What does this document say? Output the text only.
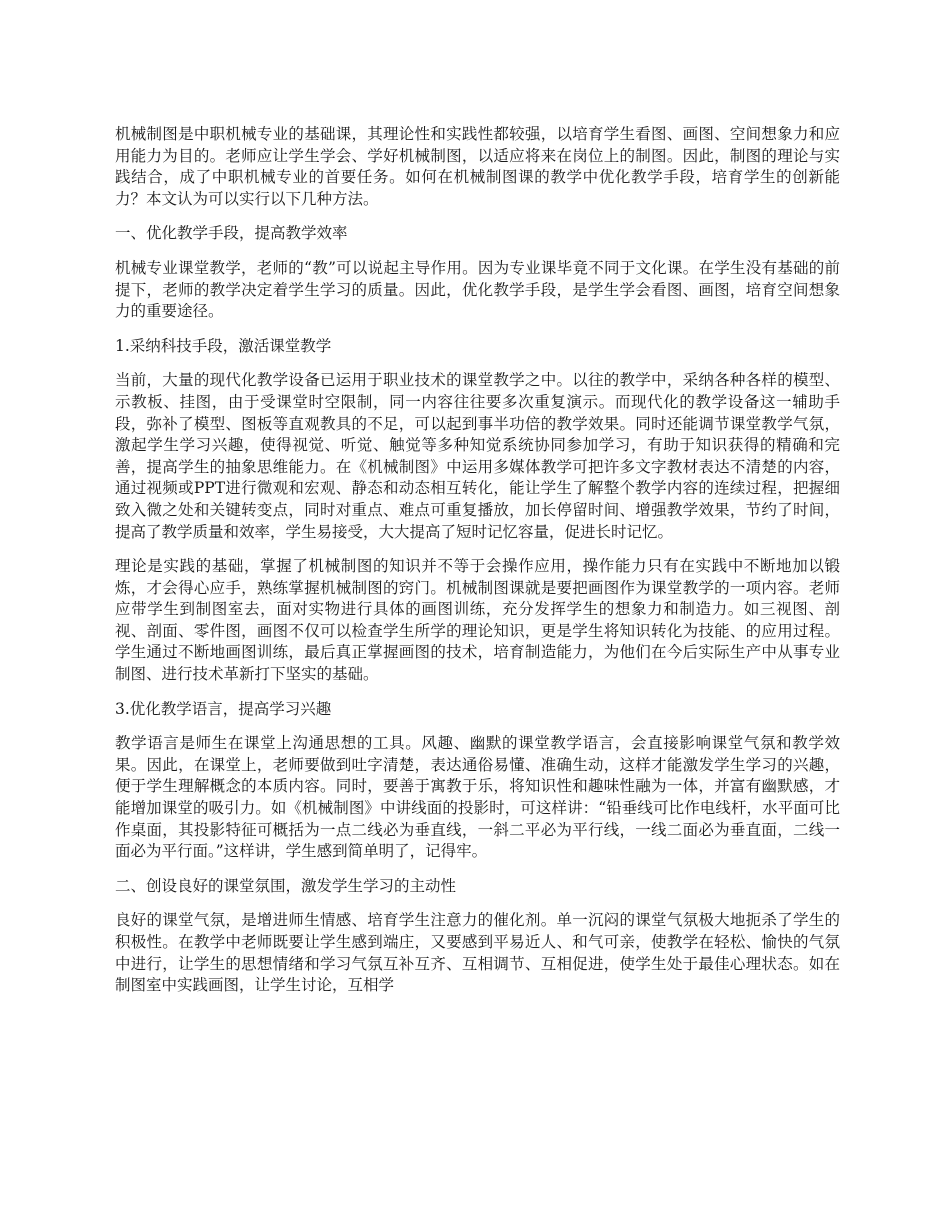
机械制图是中职机械专业的基础课，其理论性和实践性都较强，以培育学生看图、画图、空间想象力和应用能力为目的。老师应让学生学会、学好机械制图，以适应将来在岗位上的制图。因此，制图的理论与实践结合，成了中职机械专业的首要任务。如何在机械制图课的教学中优化教学手段，培育学生的创新能力？本文认为可以实行以下几种方法。

一、优化教学手段，提高教学效率

机械专业课堂教学，老师的“教”可以说起主导作用。因为专业课毕竟不同于文化课。在学生没有基础的前提下，老师的教学决定着学生学习的质量。因此，优化教学手段，是学生学会看图、画图，培育空间想象力的重要途径。

1.采纳科技手段，激活课堂教学

当前，大量的现代化教学设备已运用于职业技术的课堂教学之中。以往的教学中，采纳各种各样的模型、示教板、挂图，由于受课堂时空限制，同一内容往往要多次重复演示。而现代化的教学设备这一辅助手段，弥补了模型、图板等直观教具的不足，可以起到事半功倍的教学效果。同时还能调节课堂教学气氛，激起学生学习兴趣，使得视觉、听觉、触觉等多种知觉系统协同参加学习，有助于知识获得的精确和完善，提高学生的抽象思维能力。在《机械制图》中运用多媒体教学可把许多文字教材表达不清楚的内容，通过视频或PPT进行微观和宏观、静态和动态相互转化，能让学生了解整个教学内容的连续过程，把握细致入微之处和关键转变点，同时对重点、难点可重复播放，加长停留时间、增强教学效果，节约了时间，提高了教学质量和效率，学生易接受，大大提高了短时记忆容量，促进长时记忆。

理论是实践的基础，掌握了机械制图的知识并不等于会操作应用，操作能力只有在实践中不断地加以锻炼，才会得心应手，熟练掌握机械制图的窍门。机械制图课就是要把画图作为课堂教学的一项内容。老师应带学生到制图室去，面对实物进行具体的画图训练，充分发挥学生的想象力和制造力。如三视图、剖视、剖面、零件图，画图不仅可以检查学生所学的理论知识，更是学生将知识转化为技能、的应用过程。学生通过不断地画图训练，最后真正掌握画图的技术，培育制造能力，为他们在今后实际生产中从事专业制图、进行技术革新打下坚实的基础。

3.优化教学语言，提高学习兴趣

教学语言是师生在课堂上沟通思想的工具。风趣、幽默的课堂教学语言，会直接影响课堂气氛和教学效果。因此，在课堂上，老师要做到吐字清楚，表达通俗易懂、准确生动，这样才能激发学生学习的兴趣，便于学生理解概念的本质内容。同时，要善于寓教于乐，将知识性和趣味性融为一体，并富有幽默感，才能增加课堂的吸引力。如《机械制图》中讲线面的投影时，可这样讲：“铅垂线可比作电线杆，水平面可比作桌面，其投影特征可概括为一点二线必为垂直线，一斜二平必为平行线，一线二面必为垂直面，二线一面必为平行面。”这样讲，学生感到简单明了，记得牢。

二、创设良好的课堂氛围，激发学生学习的主动性

良好的课堂气氛，是增进师生情感、培育学生注意力的催化剂。单一沉闷的课堂气氛极大地扼杀了学生的积极性。在教学中老师既要让学生感到端庄，又要感到平易近人、和气可亲，使教学在轻松、愉快的气氛中进行，让学生的思想情绪和学习气氛互补互齐、互相调节、互相促进，使学生处于最佳心理状态。如在制图室中实践画图，让学生讨论，互相学
